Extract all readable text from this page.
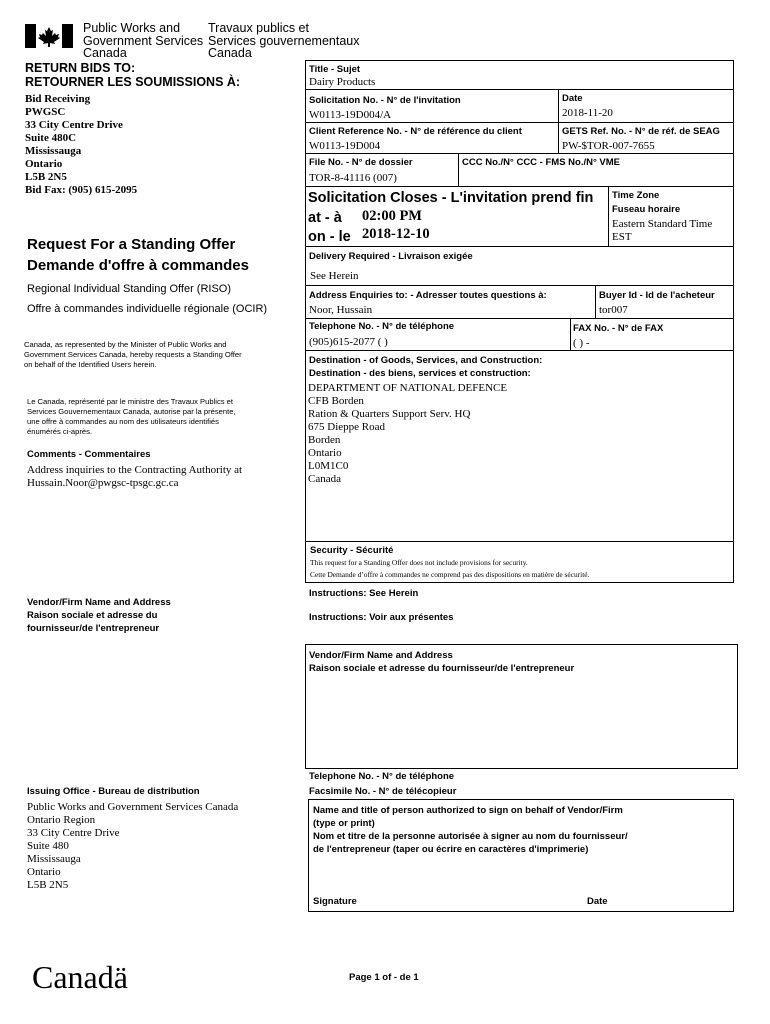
Public Works and
Government Services
Canada
Travaux publics et
Services gouvernementaux
Canada
RETURN BIDS TO:
RETOURNER LES SOUMISSIONS À:
Bid Receiving
PWGSC
33 City Centre Drive
Suite 480C
Mississauga
Ontario
L5B 2N5
Bid Fax: (905) 615-2095
Request For a Standing Offer
Demande d'offre à commandes
Regional Individual Standing Offer (RISO)
Offre à commandes individuelle régionale (OCIR)
Canada, as represented by the Minister of Public Works and
Government Services Canada, hereby requests a Standing Offer
on behalf of the Identified Users herein.
Le Canada, représenté par le ministre des Travaux Publics et
Services Gouvernementaux Canada, autorise par la présente,
une offre à commandes au nom des utilisateurs identifiés
énumérés ci-après.
Comments - Commentaires
Address inquiries to the Contracting Authority at
Hussain.Noor@pwgsc-tpsgc.gc.ca
Vendor/Firm Name and Address
Raison sociale et adresse du
fournisseur/de l'entrepreneur
Issuing Office - Bureau de distribution
Public Works and Government Services Canada
Ontario Region
33 City Centre Drive
Suite 480
Mississauga
Ontario
L5B 2N5
Title - Sujet
Dairy Products
Solicitation No. - N° de l'invitation
W0113-19D004/A
Date
2018-11-20
Client Reference No. - N° de référence du client
W0113-19D004
GETS Ref. No. - N° de réf. de SEAG
PW-$TOR-007-7655
File No. - N° de dossier
TOR-8-41116 (007)
CCC No./N° CCC - FMS No./N° VME
Solicitation Closes - L'invitation prend fin
at - à 02:00 PM
on - le 2018-12-10
Time Zone
Fuseau horaire
Eastern Standard Time
EST
Delivery Required - Livraison exigée
See Herein
Address Enquiries to: - Adresser toutes questions à:
Noor, Hussain
Buyer Id - Id de l'acheteur
tor007
Telephone No. - N° de téléphone
(905)615-2077 ( )
FAX No. - N° de FAX
( ) -
Destination - of Goods, Services, and Construction:
Destination - des biens, services et construction:
DEPARTMENT OF NATIONAL DEFENCE
CFB Borden
Ration & Quarters Support Serv. HQ
675 Dieppe Road
Borden
Ontario
L0M1C0
Canada
Security - Sécurité
This request for a Standing Offer does not include provisions for security.
Cette Demande d’offre à commandes ne comprend pas des dispositions en matière de sécurité.
Instructions: See Herein
Instructions: Voir aux présentes
Vendor/Firm Name and Address
Raison sociale et adresse du fournisseur/de l'entrepreneur
Telephone No. - N° de téléphone
Facsimile No. - N° de télécopieur
Name and title of person authorized to sign on behalf of Vendor/Firm
(type or print)
Nom et titre de la personne autorisée à signer au nom du fournisseur/
de l'entrepreneur (taper ou écrire en caractères d'imprimerie)
Signature	Date
Canadä	Page 1 of - de 1
